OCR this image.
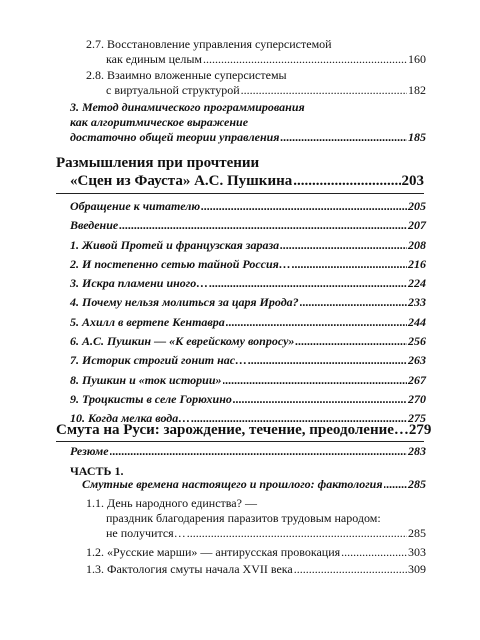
2.7. Восстановление управления суперсистемой
как единым целым .....	160
2.8. Взаимно вложенные суперсистемы
с виртуальной структурой .....	182
3. Метод динамического программирования
как алгоритмическое выражение
достаточно общей теории управления .....	185
Размышления при прочтении
«Сцен из Фауста» А.С. Пушкина .....	203
Обращение к читателю .....	205
Введение .....	207
1. Живой Протей и французская зараза .....	208
2. И постепенно сетью тайной Россия… .....	216
3. Искра пламени иного… .....	224
4. Почему нельзя молиться за царя Ирода? .....	233
5. Ахилл в вертепе Кентавра .....	244
6. А.С. Пушкин — «К еврейскому вопросу» .....	256
7. Историк строгий гонит нас… .....	263
8. Пушкин и «ток истории» .....	267
9. Троцкисты в селе Горюхино .....	270
10. Когда мелка вода… .....	275
Смута на Руси: зарождение, течение, преодоление… 279
Резюме .....	283
ЧАСТЬ 1.
Смутные времена настоящего и прошлого: фактология ..... 285
1.1. День народного единства? —
праздник благодарения паразитов трудовым народом:
не получится… .....	285
1.2. «Русские марши» — антирусская провокация .....	303
1.3. Фактология смуты начала XVII века .....	309
